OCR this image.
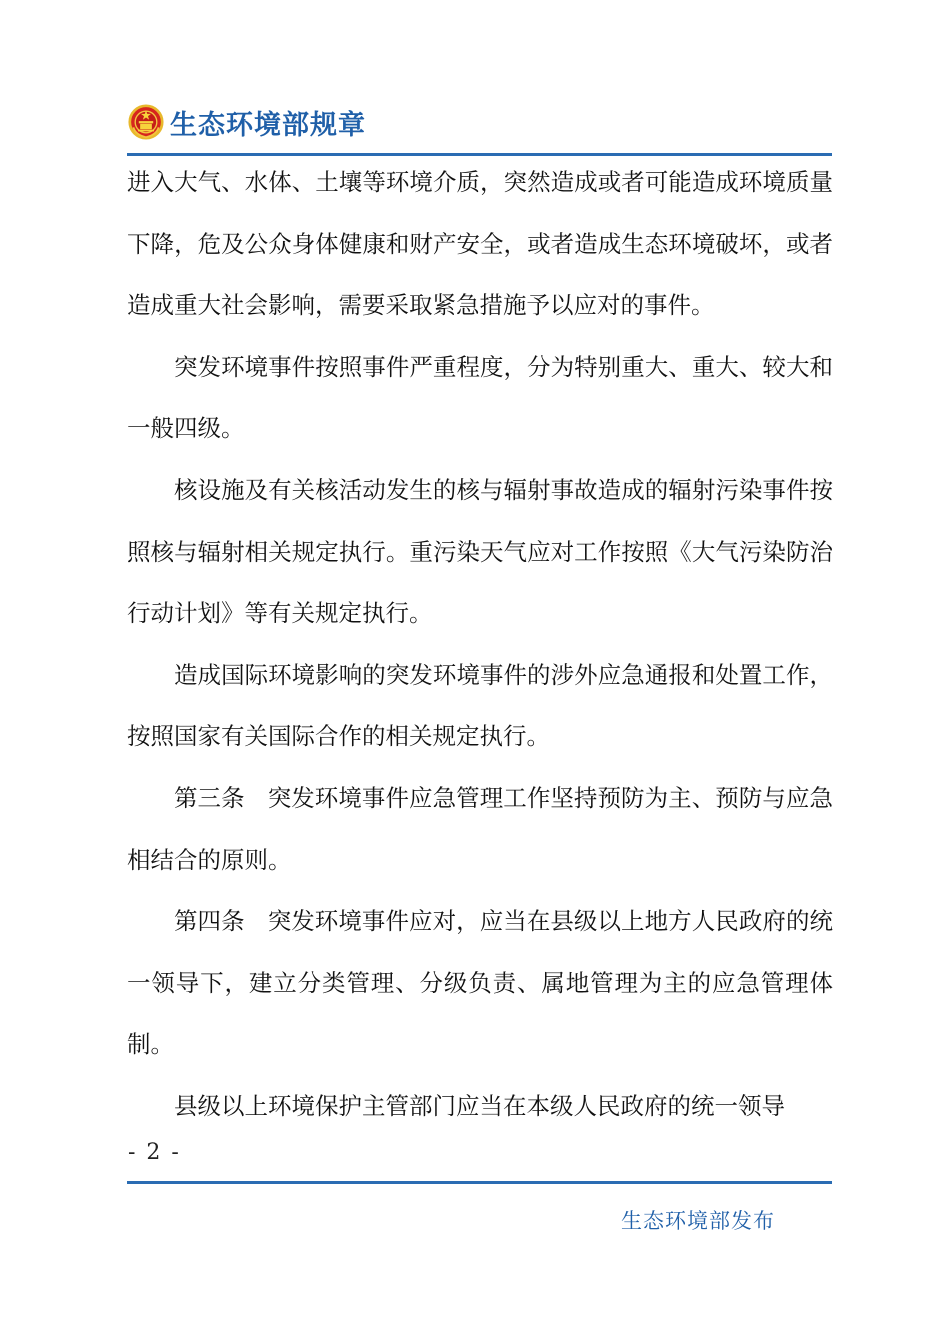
生态环境部规章

进入大气、水体、土壤等环境介质，突然造成或者可能造成环境质量下降，危及公众身体健康和财产安全，或者造成生态环境破坏，或者造成重大社会影响，需要采取紧急措施予以应对的事件。

突发环境事件按照事件严重程度，分为特别重大、重大、较大和一般四级。

核设施及有关核活动发生的核与辐射事故造成的辐射污染事件按照核与辐射相关规定执行。重污染天气应对工作按照《大气污染防治行动计划》等有关规定执行。

造成国际环境影响的突发环境事件的涉外应急通报和处置工作，按照国家有关国际合作的相关规定执行。

第三条 突发环境事件应急管理工作坚持预防为主、预防与应急相结合的原则。

第四条 突发环境事件应对，应当在县级以上地方人民政府的统一领导下，建立分类管理、分级负责、属地管理为主的应急管理体制。

县级以上环境保护主管部门应当在本级人民政府的统一领导

- 2 -
生态环境部发布
